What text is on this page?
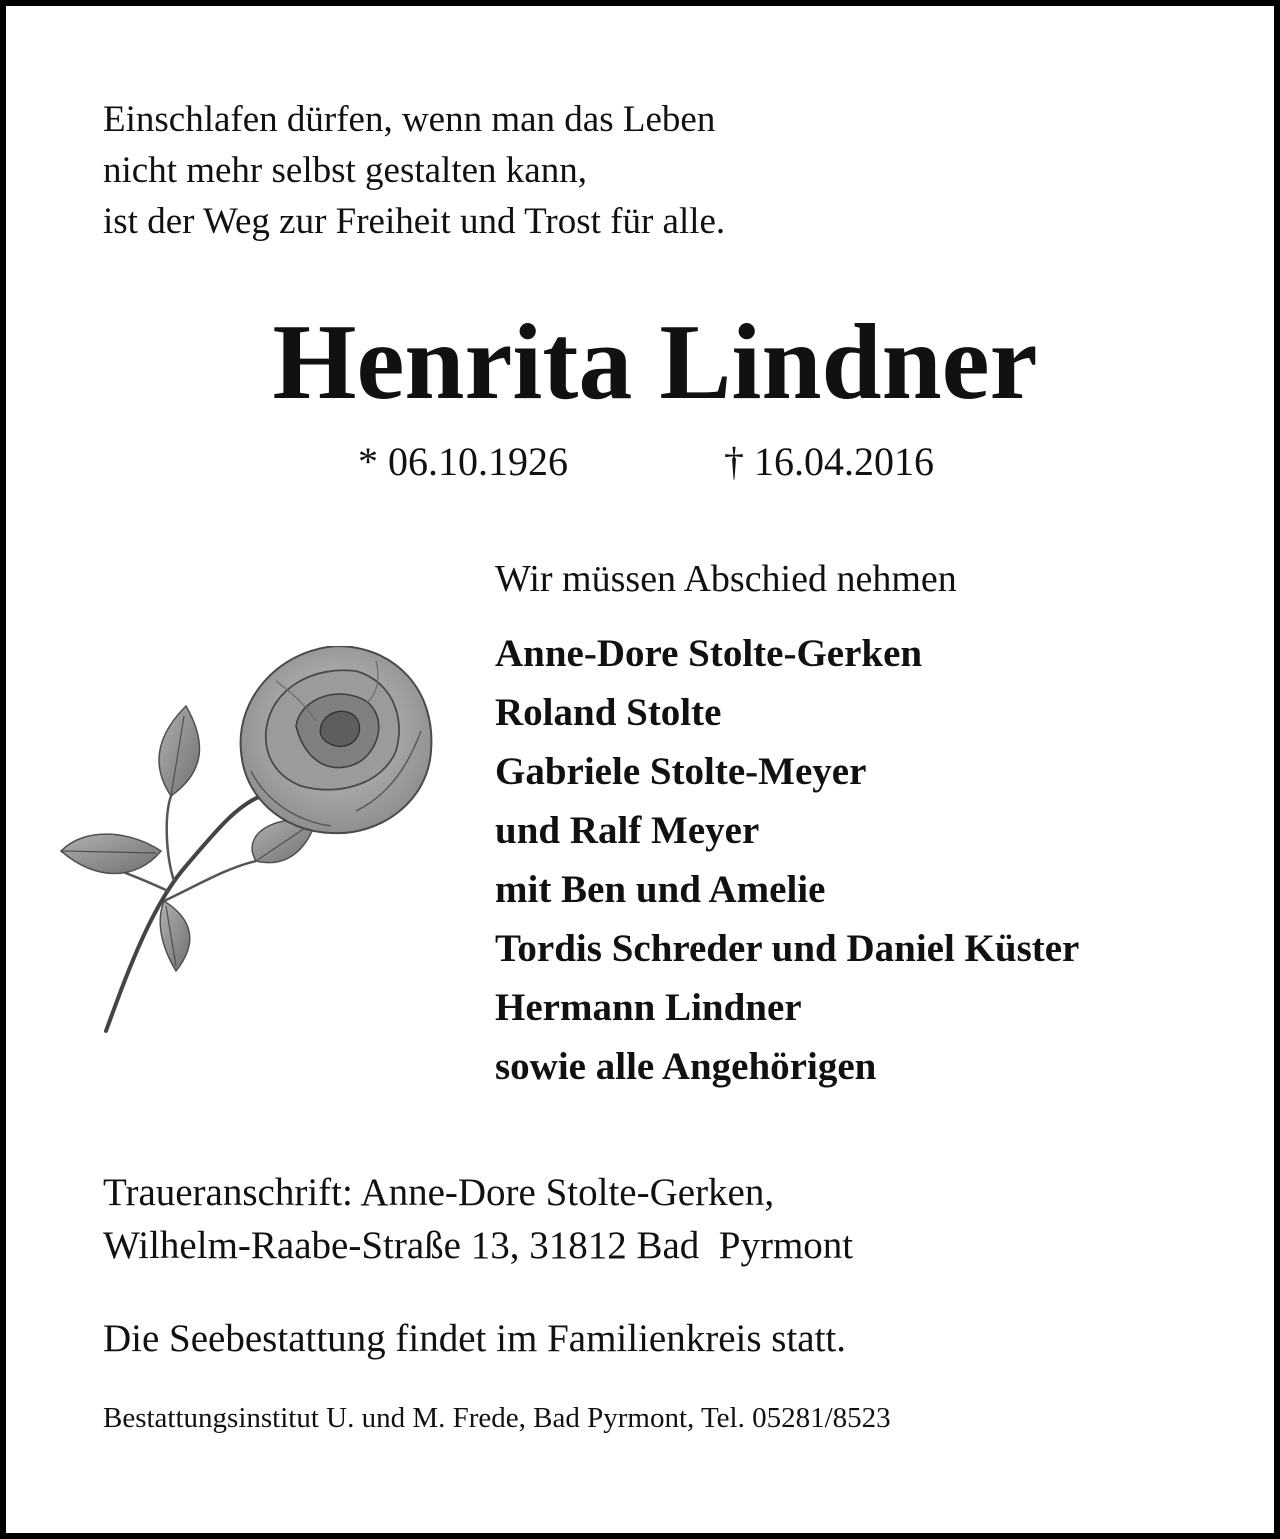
Einschlafen dürfen, wenn man das Leben
nicht mehr selbst gestalten kann,
ist der Weg zur Freiheit und Trost für alle.
Henrita Lindner
* 06.10.1926	† 16.04.2016
Wir müssen Abschied nehmen
Anne-Dore Stolte-Gerken
Roland Stolte
Gabriele Stolte-Meyer
und Ralf Meyer
mit Ben und Amelie
Tordis Schreder und Daniel Küster
Hermann Lindner
sowie alle Angehörigen
Traueranschrift: Anne-Dore Stolte-Gerken,
Wilhelm-Raabe-Straße 13, 31812 Bad  Pyrmont
Die Seebestattung findet im Familienkreis statt.
Bestattungsinstitut U. und M. Frede, Bad Pyrmont, Tel. 05281/8523
